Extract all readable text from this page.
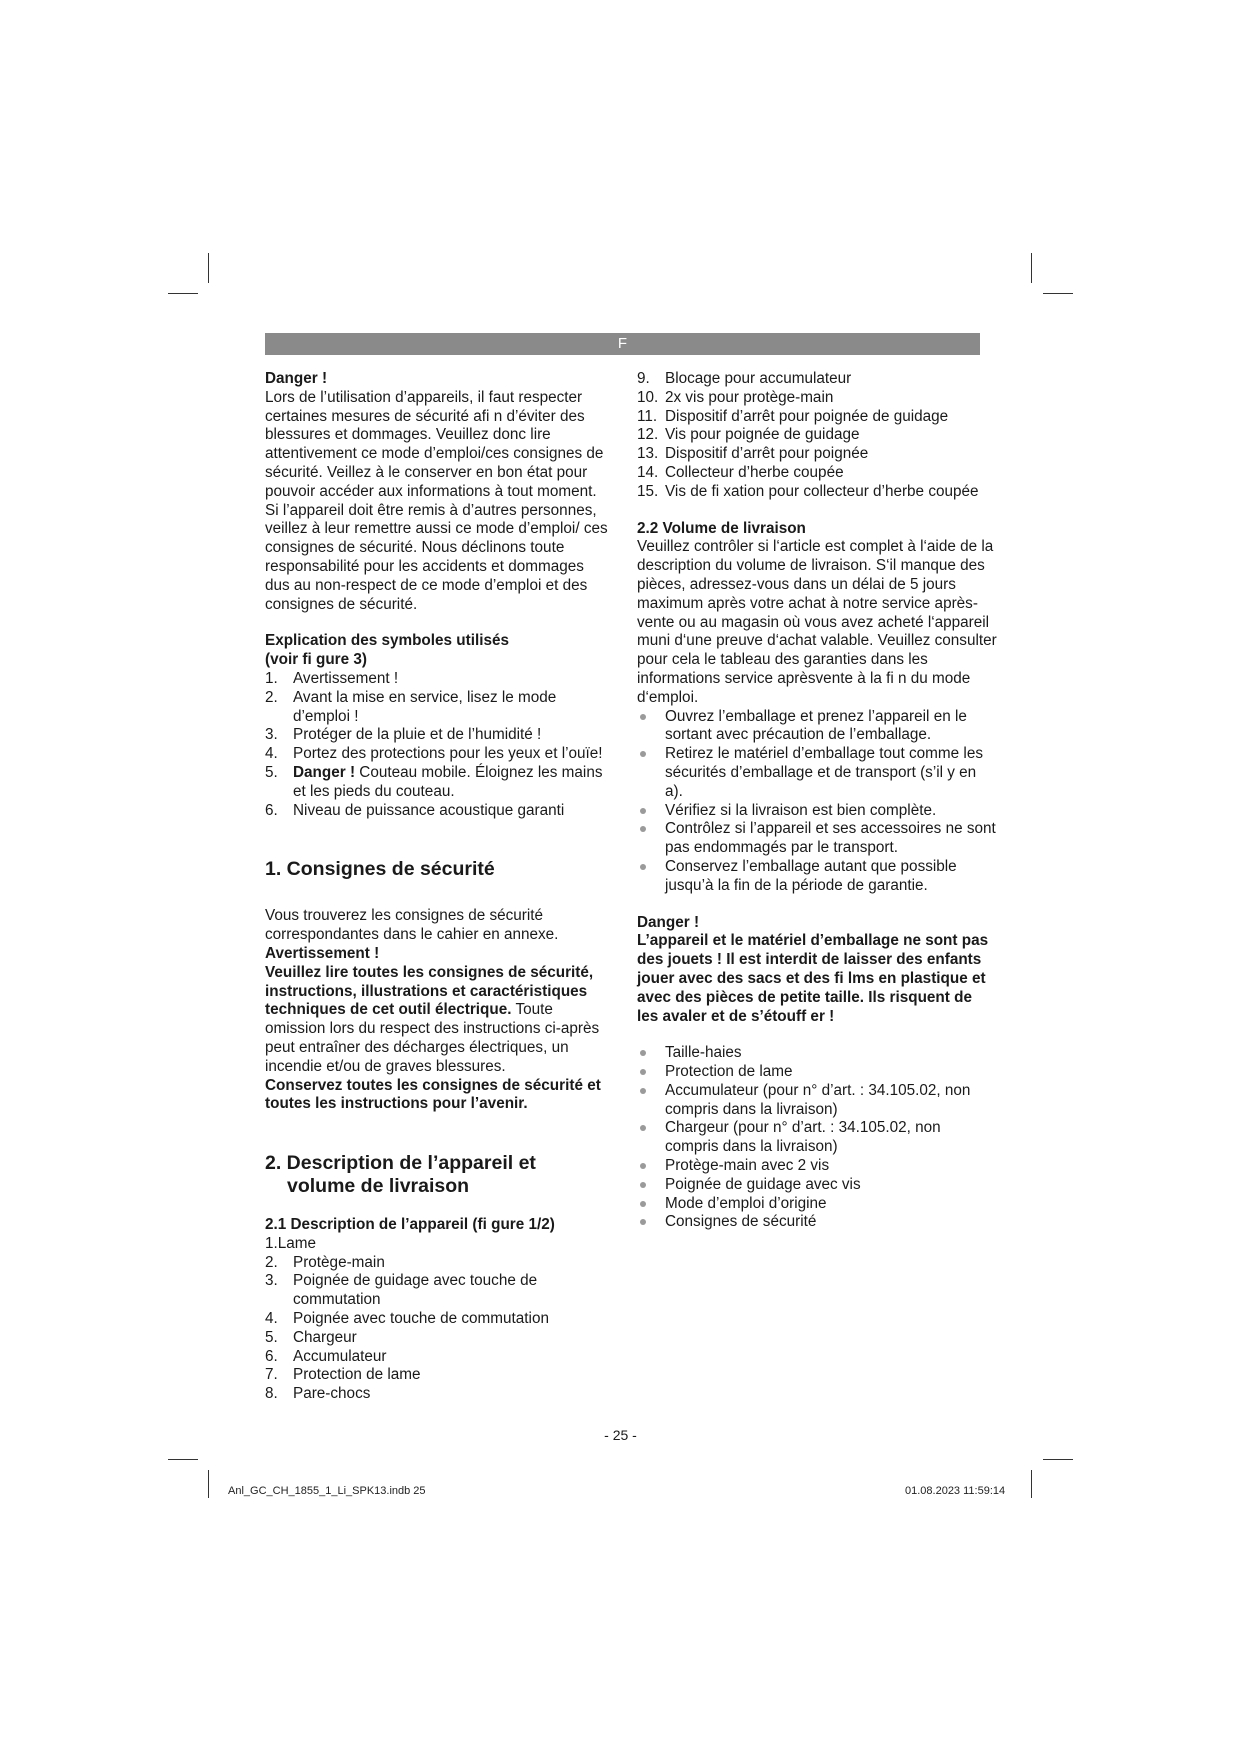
F

Danger !

Lors de l’utilisation d’appareils, il faut respecter certaines mesures de sécurité afi n d’éviter des blessures et dommages. Veuillez donc lire attentivement ce mode d’emploi/ces consignes de sécurité. Veillez à le conserver en bon état pour pouvoir accéder aux informations à tout moment. Si l’appareil doit être remis à d’autres personnes, veillez à leur remettre aussi ce mode d’emploi/ ces consignes de sécurité. Nous déclinons toute responsabilité pour les accidents et dommages dus au non-respect de ce mode d’emploi et des consignes de sécurité.

Explication des symboles utilisés

(voir fi gure 3)

1. Avertissement !
2. Avant la mise en service, lisez le mode d’emploi !
3. Protéger de la pluie et de l’humidité !
4. Portez des protections pour les yeux et l’ouïe!
5. Danger ! Couteau mobile. Éloignez les mains et les pieds du couteau.
6. Niveau de puissance acoustique garanti

1. Consignes de sécurité

Vous trouverez les consignes de sécurité correspondantes dans le cahier en annexe.

Avertissement !

Veuillez lire toutes les consignes de sécurité, instructions, illustrations et caractéristiques techniques de cet outil électrique. Toute omission lors du respect des instructions ci-après peut entraîner des décharges électriques, un incendie et/ou de graves blessures.

Conservez toutes les consignes de sécurité et toutes les instructions pour l’avenir.

2. Description de l’appareil et
volume de livraison

2.1 Description de l’appareil (fi gure 1/2)

1.Lame
2. Protège-main
3. Poignée de guidage avec touche de commutation
4. Poignée avec touche de commutation
5. Chargeur
6. Accumulateur
7. Protection de lame
8. Pare-chocs
9. Blocage pour accumulateur
10. 2x vis pour protège-main
11. Dispositif d’arrêt pour poignée de guidage
12. Vis pour poignée de guidage
13. Dispositif d’arrêt pour poignée
14. Collecteur d’herbe coupée
15. Vis de fi xation pour collecteur d’herbe coupée

2.2 Volume de livraison

Veuillez contrôler si l‘article est complet à l‘aide de la description du volume de livraison. S‘il manque des pièces, adressez-vous dans un délai de 5 jours maximum après votre achat à notre service après-vente ou au magasin où vous avez acheté l‘appareil muni d‘une preuve d‘achat valable. Veuillez consulter pour cela le tableau des garanties dans les informations service aprèsvente à la fi n du mode d‘emploi.

Ouvrez l’emballage et prenez l’appareil en le sortant avec précaution de l’emballage.
Retirez le matériel d’emballage tout comme les sécurités d’emballage et de transport (s’il y en a).
Vérifiez si la livraison est bien complète.
Contrôlez si l’appareil et ses accessoires ne sont pas endommagés par le transport.
Conservez l’emballage autant que possible jusqu’à la fin de la période de garantie.

Danger !

L’appareil et le matériel d’emballage ne sont pas des jouets ! Il est interdit de laisser des enfants jouer avec des sacs et des fi lms en plastique et avec des pièces de petite taille. Ils risquent de les avaler et de s’étouff er !

Taille-haies
Protection de lame
Accumulateur (pour n° d’art. : 34.105.02, non compris dans la livraison)
Chargeur (pour n° d’art. : 34.105.02, non compris dans la livraison)
Protège-main avec 2 vis
Poignée de guidage avec vis
Mode d’emploi d’origine
Consignes de sécurité
- 25 -
Anl_GC_CH_1855_1_Li_SPK13.indb 25	01.08.2023 11:59:14
